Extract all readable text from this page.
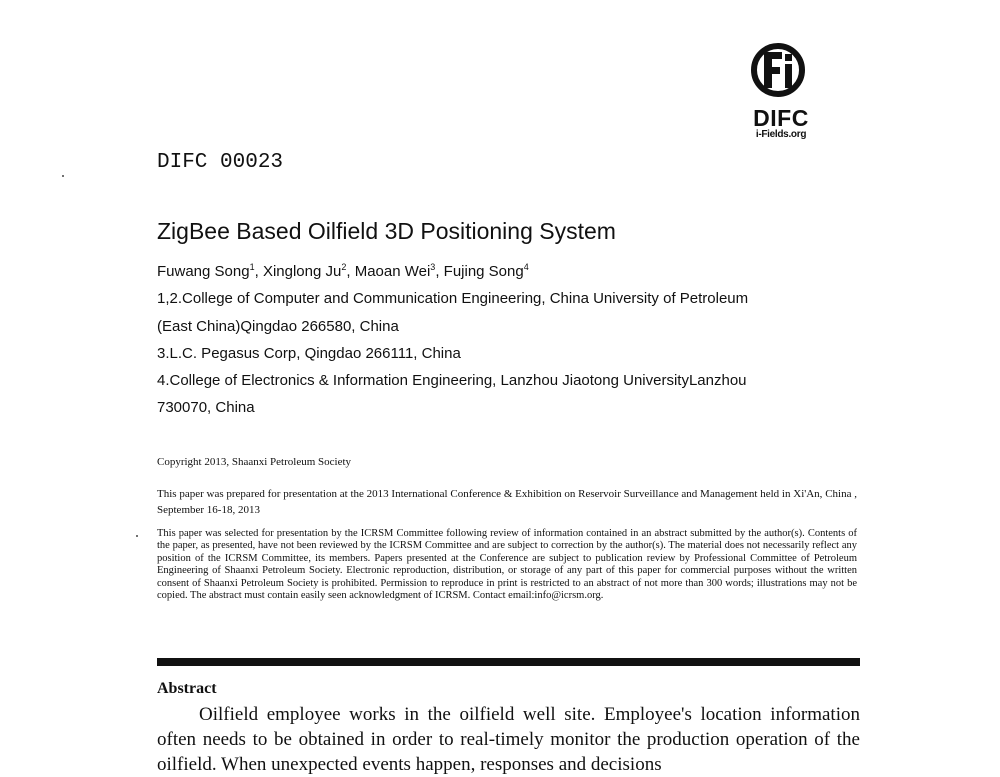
DIFC
i-Fields.org
DIFC 00023
ZigBee Based Oilfield 3D Positioning System
Fuwang Song$^1$, Xinglong Ju$^2$, Maoan Wei$^3$, Fujing Song$^4$
1,2.College of Computer and Communication Engineering, China University of Petroleum
(East China)Qingdao 266580, China
3.L.C. Pegasus Corp, Qingdao 266111, China
4.College of Electronics & Information Engineering, Lanzhou Jiaotong UniversityLanzhou
730070, China
Copyright 2013, Shaanxi Petroleum Society
This paper was prepared for presentation at the 2013 International Conference & Exhibition on Reservoir Surveillance and Management held in Xi'An, China , September 16-18, 2013
This paper was selected for presentation by the ICRSM Committee following review of information contained in an abstract submitted by the author(s). Contents of the paper, as presented, have not been reviewed by the ICRSM Committee and are subject to correction by the author(s). The material does not necessarily reflect any position of the ICRSM Committee, its members. Papers presented at the Conference are subject to publication review by Professional Committee of Petroleum Engineering of Shaanxi Petroleum Society. Electronic reproduction, distribution, or storage of any part of this paper for commercial purposes without the written consent of Shaanxi Petroleum Society is prohibited. Permission to reproduce in print is restricted to an abstract of not more than 300 words; illustrations may not be copied. The abstract must contain easily seen acknowledgment of ICRSM. Contact email:info@icrsm.org.
Abstract
Oilfield employee works in the oilfield well site. Employee's location information often needs to be obtained in order to real-timely monitor the production operation of the oilfield. When unexpected events happen, responses and decisions
